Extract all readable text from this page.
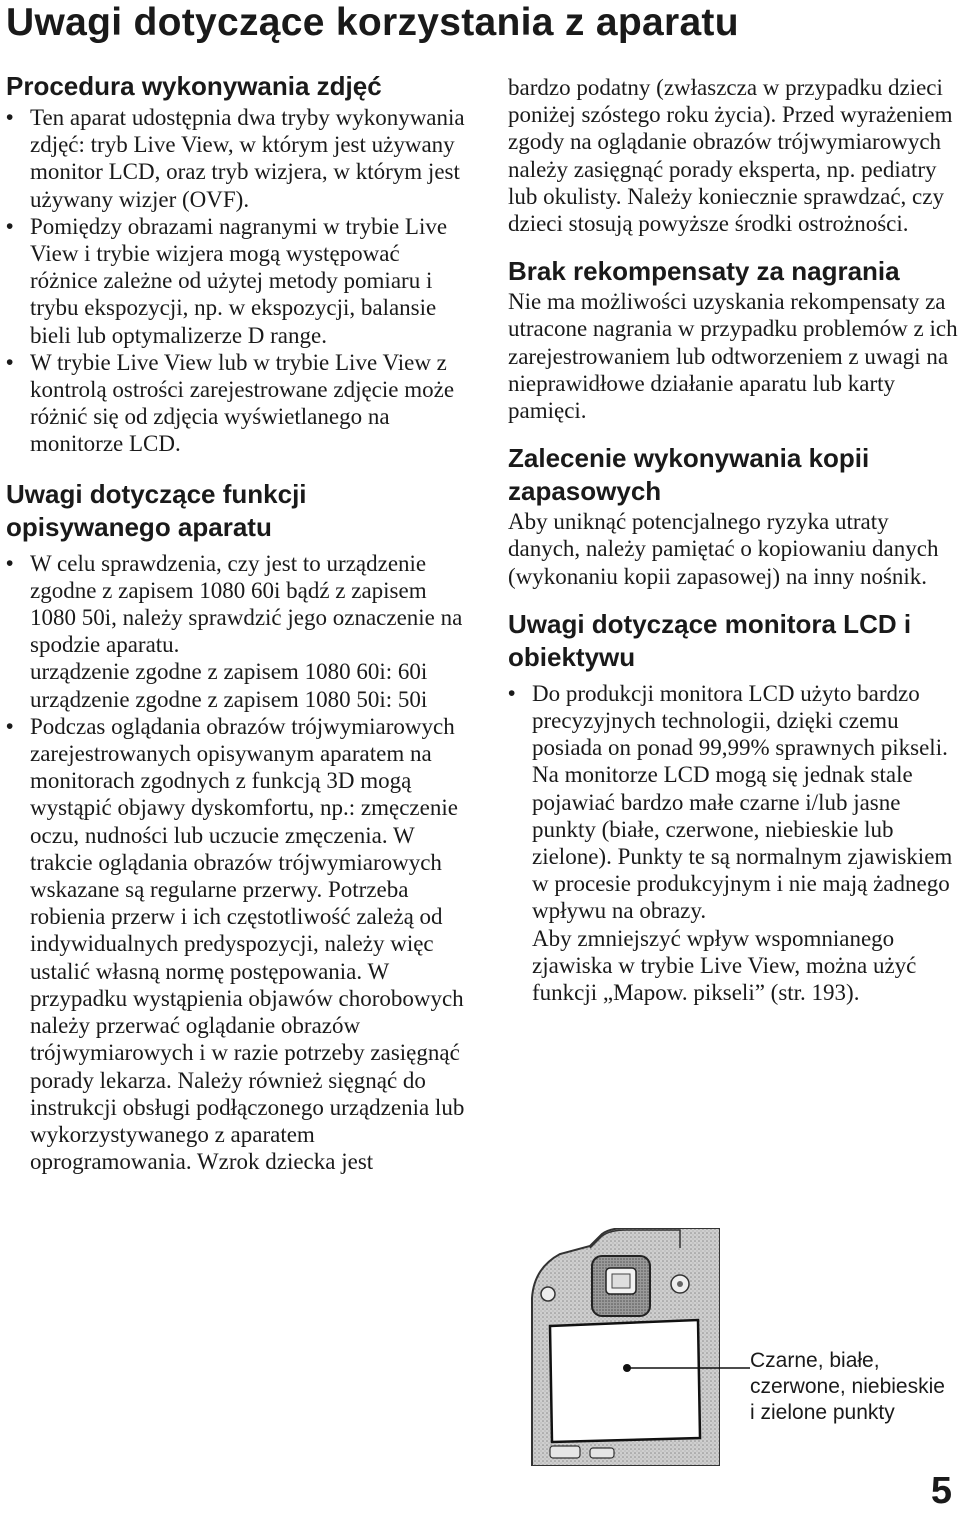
Uwagi dotyczące korzystania z aparatu
Procedura wykonywania zdjęć
• Ten aparat udostępnia dwa tryby wykonywania zdjęć: tryb Live View, w którym jest używany monitor LCD, oraz tryb wizjera, w którym jest używany wizjer (OVF).
• Pomiędzy obrazami nagranymi w trybie Live View i trybie wizjera mogą występować różnice zależne od użytej metody pomiaru i trybu ekspozycji, np. w ekspozycji, balansie bieli lub optymalizerze D range.
• W trybie Live View lub w trybie Live View z kontrolą ostrości zarejestrowane zdjęcie może różnić się od zdjęcia wyświetlanego na monitorze LCD.
Uwagi dotyczące funkcji opisywanego aparatu
• W celu sprawdzenia, czy jest to urządzenie zgodne z zapisem 1080 60i bądź z zapisem 1080 50i, należy sprawdzić jego oznaczenie na spodzie aparatu.
urządzenie zgodne z zapisem 1080 60i: 60i
urządzenie zgodne z zapisem 1080 50i: 50i
• Podczas oglądania obrazów trójwymiarowych zarejestrowanych opisywanym aparatem na monitorach zgodnych z funkcją 3D mogą wystąpić objawy dyskomfortu, np.: zmęczenie oczu, nudności lub uczucie zmęczenia. W trakcie oglądania obrazów trójwymiarowych wskazane są regularne przerwy. Potrzeba robienia przerw i ich częstotliwość zależą od indywidualnych predyspozycji, należy więc ustalić własną normę postępowania. W przypadku wystąpienia objawów chorobowych należy przerwać oglądanie obrazów trójwymiarowych i w razie potrzeby zasięgnąć porady lekarza. Należy również sięgnąć do instrukcji obsługi podłączonego urządzenia lub wykorzystywanego z aparatem oprogramowania. Wzrok dziecka jest

bardzo podatny (zwłaszcza w przypadku dzieci poniżej szóstego roku życia). Przed wyrażeniem zgody na oglądanie obrazów trójwymiarowych należy zasięgnąć porady eksperta, np. pediatry lub okulisty. Należy koniecznie sprawdzać, czy dzieci stosują powyższe środki ostrożności.

Brak rekompensaty za nagrania

Nie ma możliwości uzyskania rekompensaty za utracone nagrania w przypadku problemów z ich zarejestrowaniem lub odtworzeniem z uwagi na nieprawidłowe działanie aparatu lub karty pamięci.

Zalecenie wykonywania kopii zapasowych

Aby uniknąć potencjalnego ryzyka utraty danych, należy pamiętać o kopiowaniu danych (wykonaniu kopii zapasowej) na inny nośnik.

Uwagi dotyczące monitora LCD i obiektywu
• Do produkcji monitora LCD użyto bardzo precyzyjnych technologii, dzięki czemu posiada on ponad 99,99% sprawnych pikseli. Na monitorze LCD mogą się jednak stale pojawiać bardzo małe czarne i/lub jasne punkty (białe, czerwone, niebieskie lub zielone). Punkty te są normalnym zjawiskiem w procesie produkcyjnym i nie mają żadnego wpływu na obrazy.
Aby zmniejszyć wpływ wspomnianego zjawiska w trybie Live View, można użyć funkcji „Mapow. pikseli” (str. 193).
Czarne, białe, czerwone, niebieskie i zielone punkty
5
